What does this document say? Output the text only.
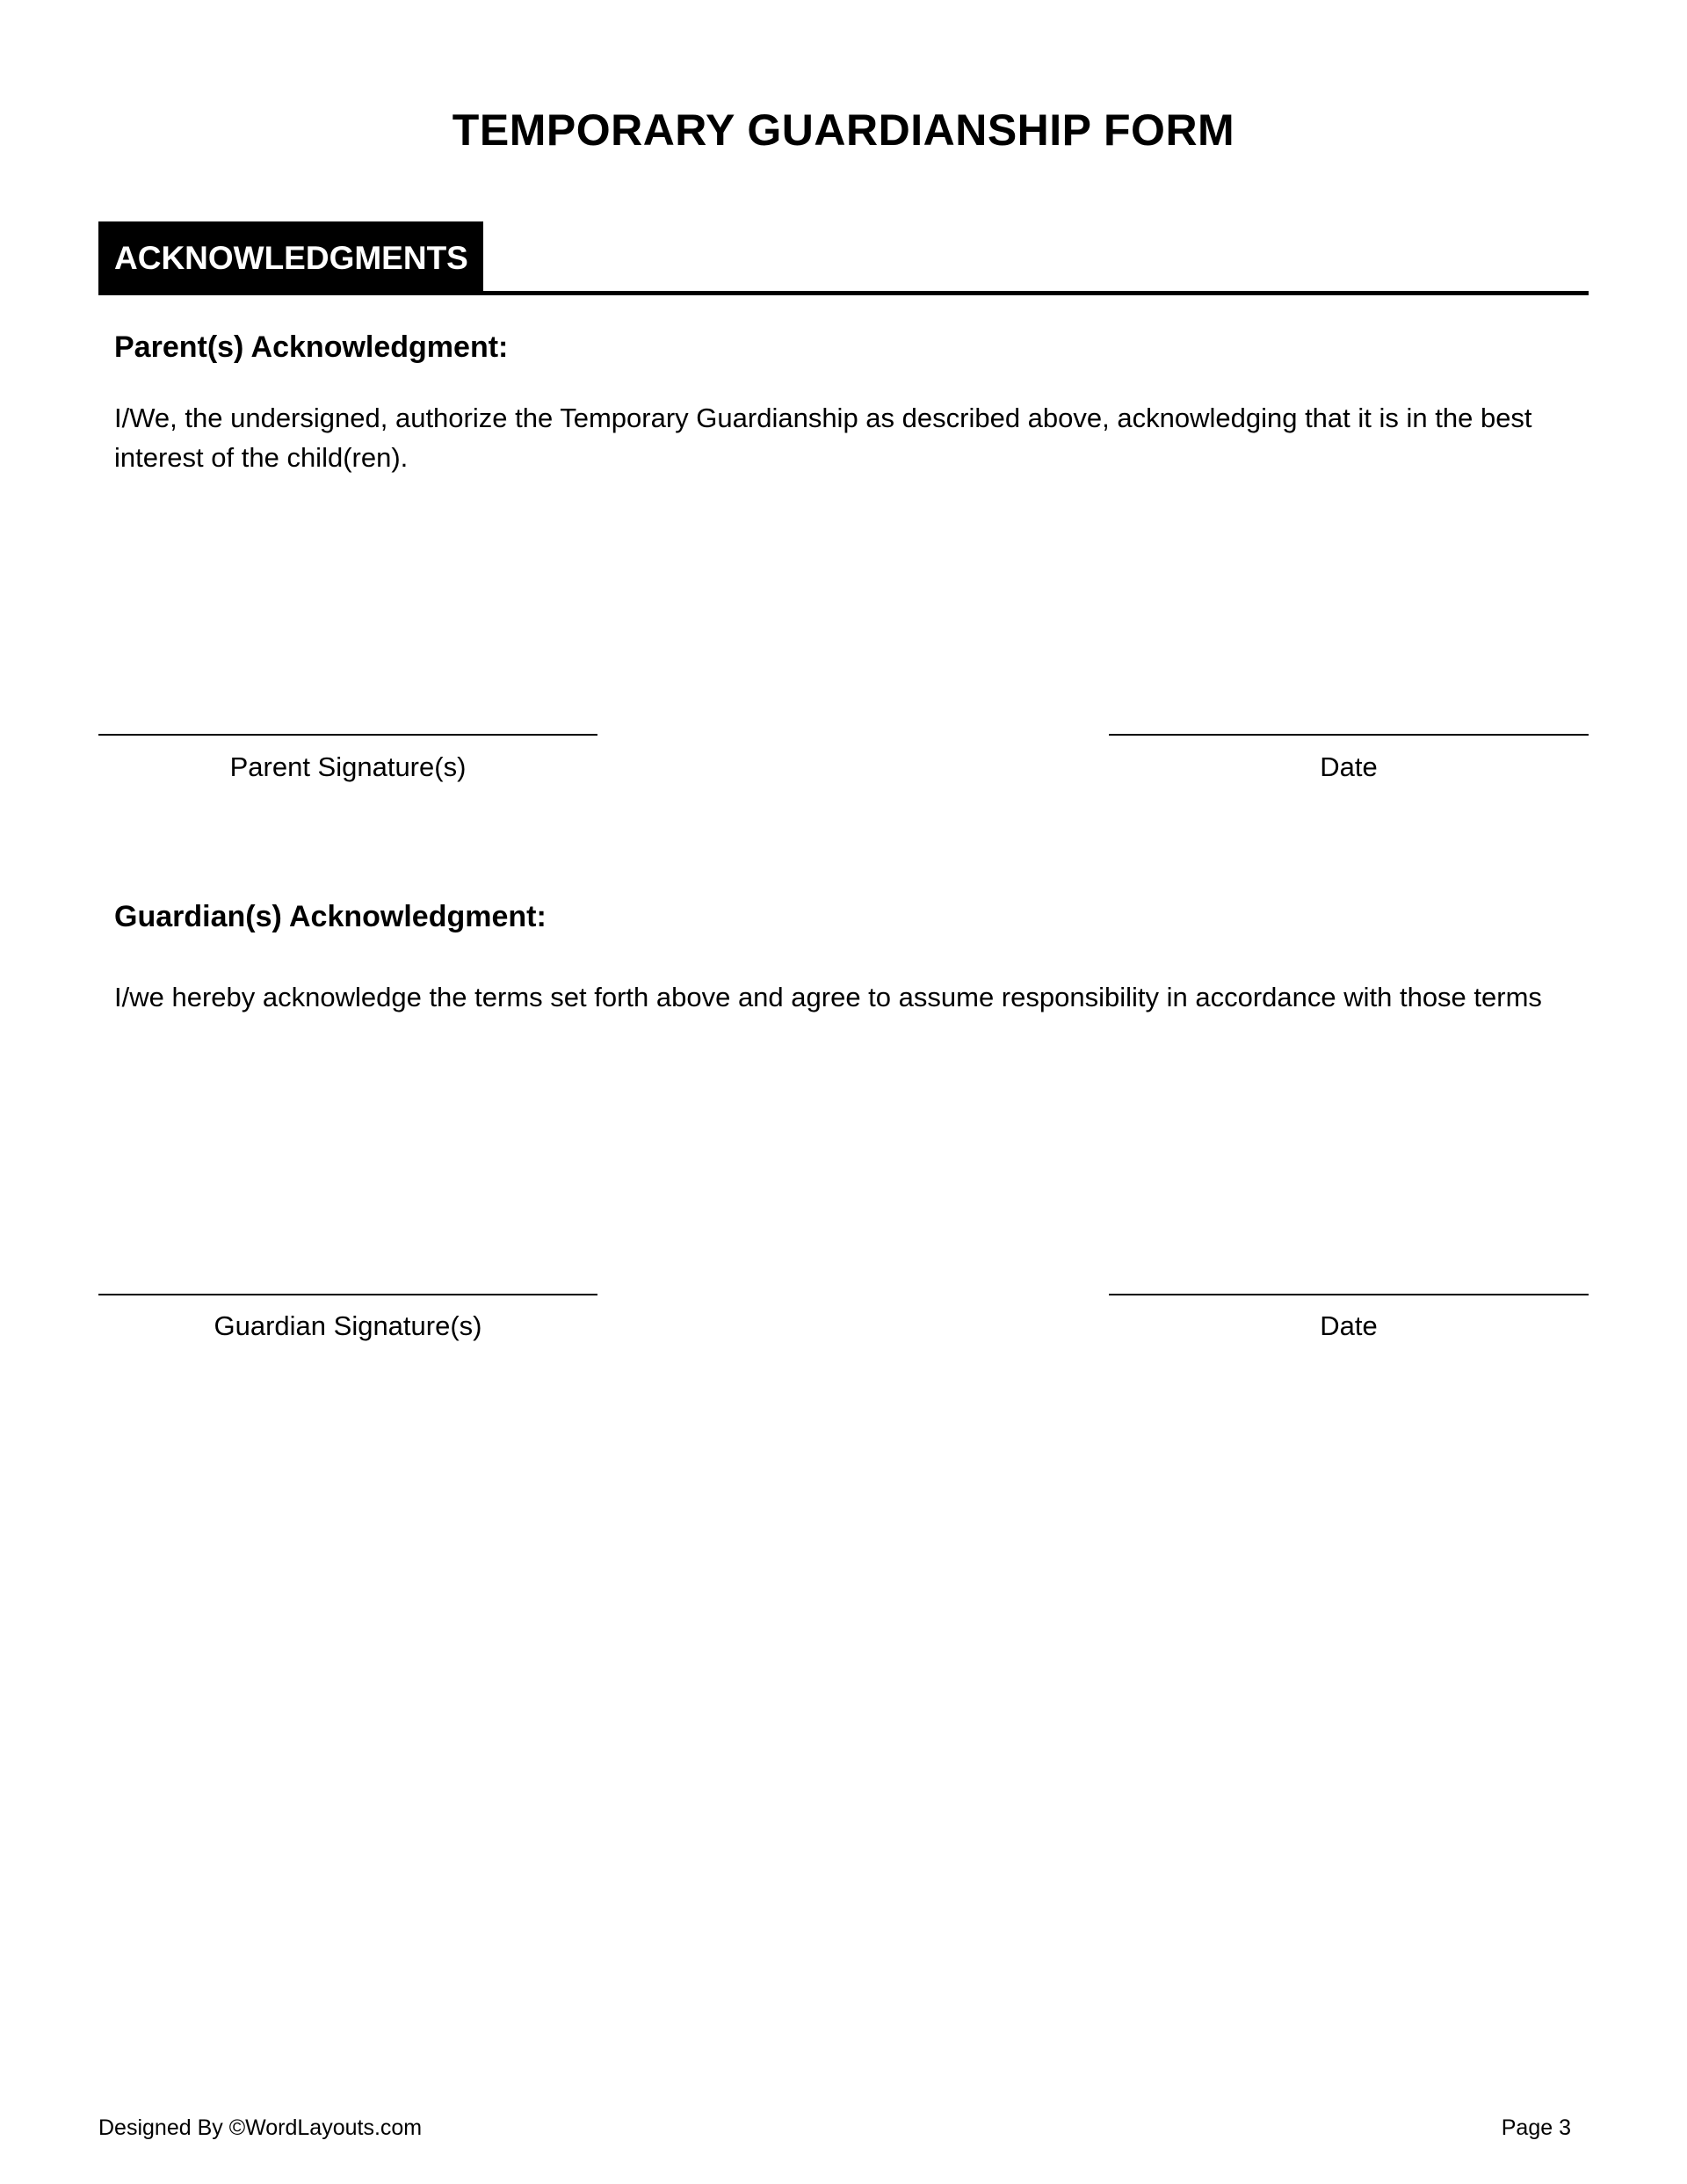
TEMPORARY GUARDIANSHIP FORM
ACKNOWLEDGMENTS
Parent(s) Acknowledgment:
I/We, the undersigned, authorize the Temporary Guardianship as described above, acknowledging that it is in the best interest of the child(ren).
Parent Signature(s)	Date
Guardian(s) Acknowledgment:
I/we hereby acknowledge the terms set forth above and agree to assume responsibility in accordance with those terms
Guardian Signature(s)	Date
Designed By ©WordLayouts.com	Page 3
